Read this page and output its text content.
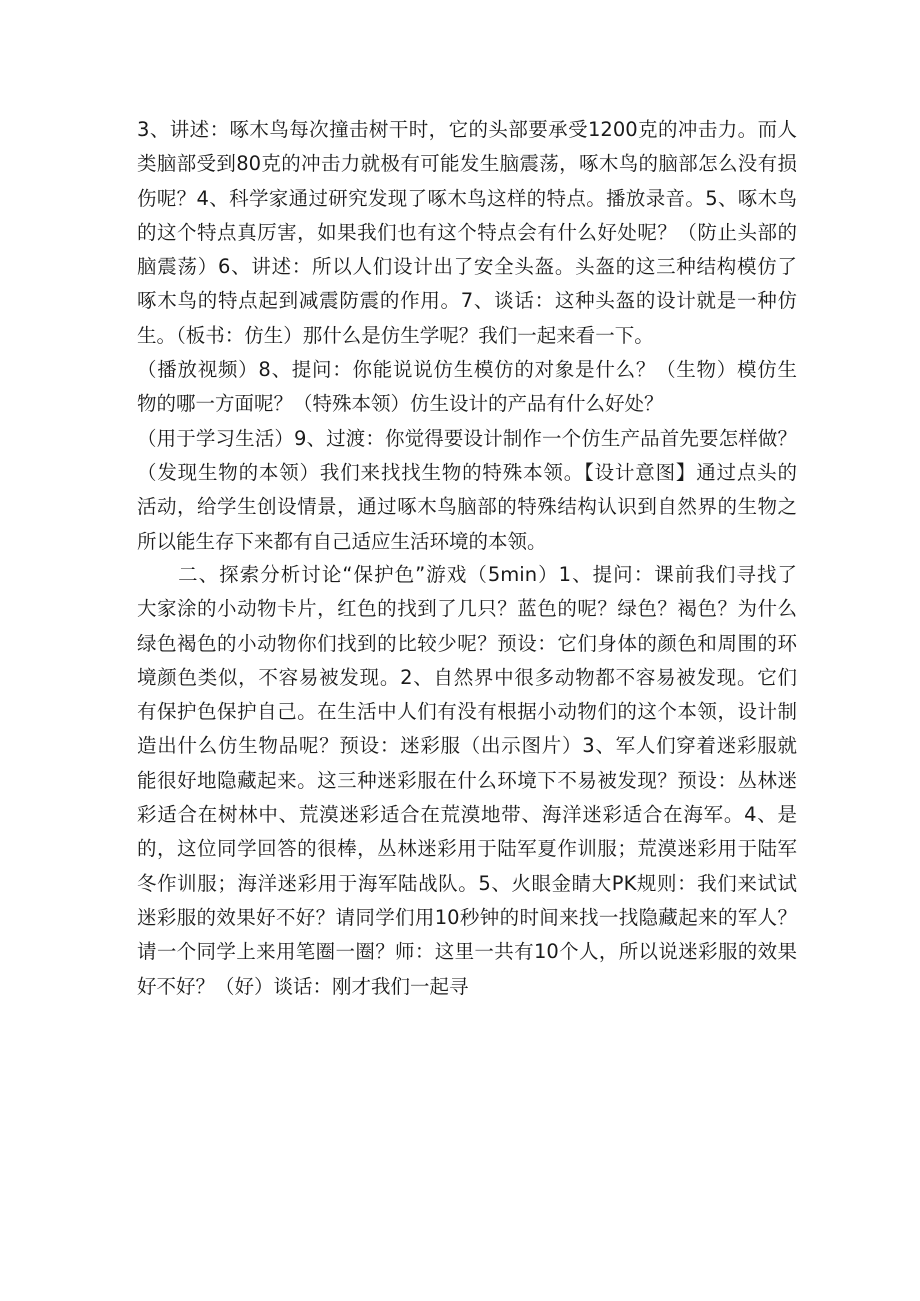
3、讲述：啄木鸟每次撞击树干时，它的头部要承受1200克的冲击力。而人
类脑部受到80克的冲击力就极有可能发生脑震荡，啄木鸟的脑部怎么没有损
伤呢？4、科学家通过研究发现了啄木鸟这样的特点。播放录音。5、啄木鸟
的这个特点真厉害，如果我们也有这个特点会有什么好处呢？（防止头部的
脑震荡）6、讲述：所以人们设计出了安全头盔。头盔的这三种结构模仿了
啄木鸟的特点起到减震防震的作用。7、谈话：这种头盔的设计就是一种仿
生。（板书：仿生）那什么是仿生学呢？我们一起来看一下。
（播放视频）8、提问：你能说说仿生模仿的对象是什么？（生物）模仿生
物的哪一方面呢？（特殊本领）仿生设计的产品有什么好处？
（用于学习生活）9、过渡：你觉得要设计制作一个仿生产品首先要怎样做？
（发现生物的本领）我们来找找生物的特殊本领。【设计意图】通过点头的
活动，给学生创设情景，通过啄木鸟脑部的特殊结构认识到自然界的生物之
所以能生存下来都有自己适应生活环境的本领。
　　二、探索分析讨论“保护色”游戏（5min）1、提问：课前我们寻找了
大家涂的小动物卡片，红色的找到了几只？蓝色的呢？绿色？褐色？为什么
绿色褐色的小动物你们找到的比较少呢？预设：它们身体的颜色和周围的环
境颜色类似，不容易被发现。2、自然界中很多动物都不容易被发现。它们
有保护色保护自己。在生活中人们有没有根据小动物们的这个本领，设计制
造出什么仿生物品呢？预设：迷彩服（出示图片）3、军人们穿着迷彩服就
能很好地隐藏起来。这三种迷彩服在什么环境下不易被发现？预设：丛林迷
彩适合在树林中、荒漠迷彩适合在荒漠地带、海洋迷彩适合在海军。4、是
的，这位同学回答的很棒，丛林迷彩用于陆军夏作训服；荒漠迷彩用于陆军
冬作训服；海洋迷彩用于海军陆战队。5、火眼金睛大PK规则：我们来试试
迷彩服的效果好不好？请同学们用10秒钟的时间来找一找隐藏起来的军人？
请一个同学上来用笔圈一圈？师：这里一共有10个人，所以说迷彩服的效果
好不好？（好）谈话：刚才我们一起寻
